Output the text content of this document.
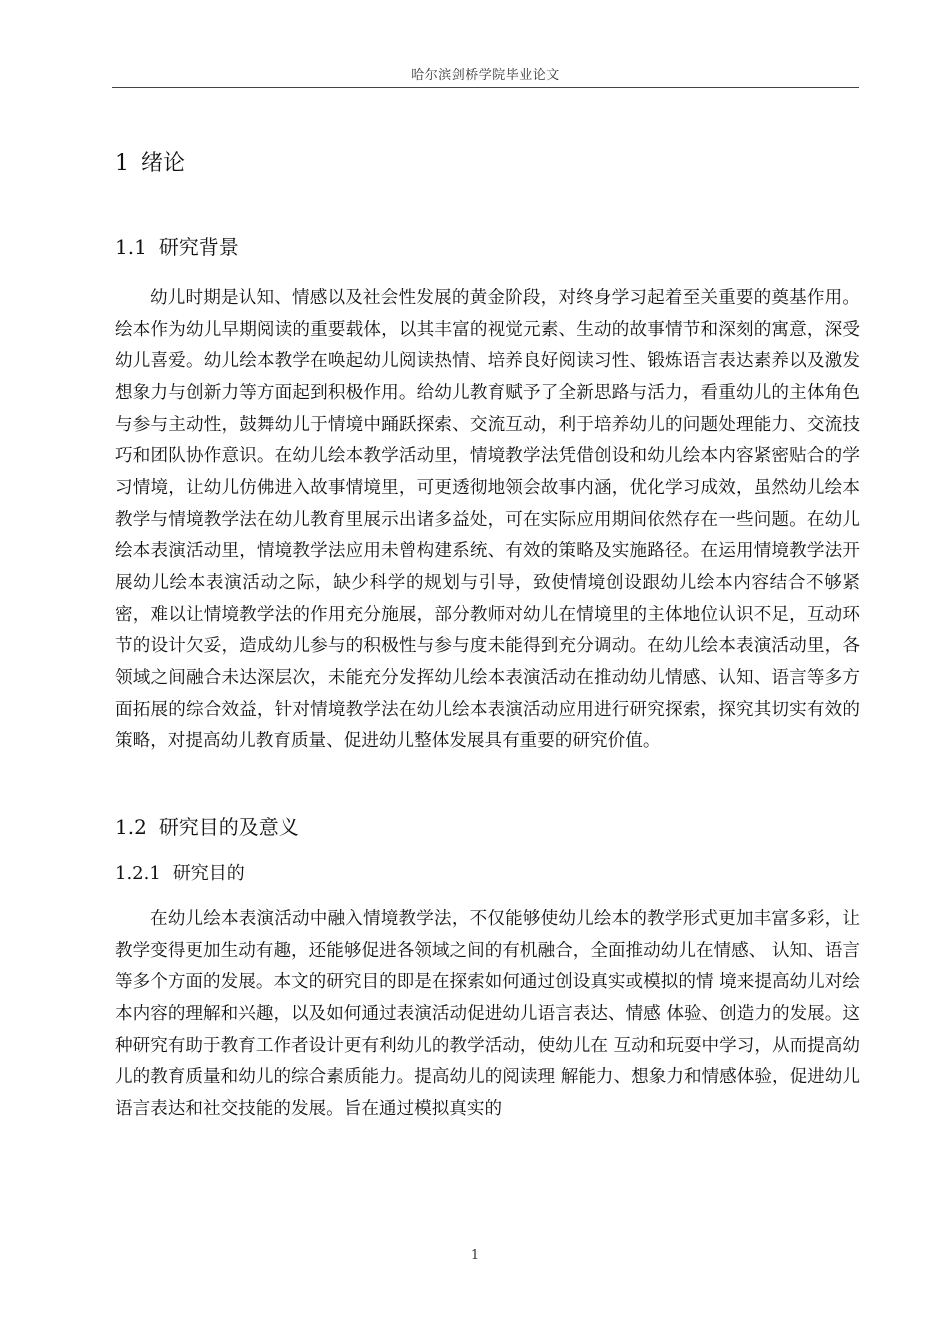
哈尔滨剑桥学院毕业论文
1 绪论
1.1 研究背景

幼儿时期是认知、情感以及社会性发展的黄金阶段，对终身学习起着至关重要的奠基作用。绘本作为幼儿早期阅读的重要载体，以其丰富的视觉元素、生动的故事情节和深刻的寓意，深受幼儿喜爱。幼儿绘本教学在唤起幼儿阅读热情、培养良好阅读习性、锻炼语言表达素养以及激发想象力与创新力等方面起到积极作用。给幼儿教育赋予了全新思路与活力，看重幼儿的主体角色与参与主动性，鼓舞幼儿于情境中踊跃探索、交流互动，利于培养幼儿的问题处理能力、交流技巧和团队协作意识。在幼儿绘本教学活动里，情境教学法凭借创设和幼儿绘本内容紧密贴合的学习情境，让幼儿仿佛进入故事情境里，可更透彻地领会故事内涵，优化学习成效，虽然幼儿绘本教学与情境教学法在幼儿教育里展示出诸多益处，可在实际应用期间依然存在一些问题。在幼儿绘本表演活动里，情境教学法应用未曾构建系统、有效的策略及实施路径。在运用情境教学法开展幼儿绘本表演活动之际，缺少科学的规划与引导，致使情境创设跟幼儿绘本内容结合不够紧密，难以让情境教学法的作用充分施展，部分教师对幼儿在情境里的主体地位认识不足，互动环节的设计欠妥，造成幼儿参与的积极性与参与度未能得到充分调动。在幼儿绘本表演活动里，各领域之间融合未达深层次，未能充分发挥幼儿绘本表演活动在推动幼儿情感、认知、语言等多方面拓展的综合效益，针对情境教学法在幼儿绘本表演活动应用进行研究探索，探究其切实有效的策略，对提高幼儿教育质量、促进幼儿整体发展具有重要的研究价值。

1.2 研究目的及意义
1.2.1 研究目的

在幼儿绘本表演活动中融入情境教学法，不仅能够使幼儿绘本的教学形式更加丰富多彩，让教学变得更加生动有趣，还能够促进各领域之间的有机融合，全面推动幼儿在情感、 认知、语言等多个方面的发展。本文的研究目的即是在探索如何通过创设真实或模拟的情 境来提高幼儿对绘本内容的理解和兴趣，以及如何通过表演活动促进幼儿语言表达、情感 体验、创造力的发展。这种研究有助于教育工作者设计更有利幼儿的教学活动，使幼儿在 互动和玩耍中学习，从而提高幼儿的教育质量和幼儿的综合素质能力。提高幼儿的阅读理 解能力、想象力和情感体验，促进幼儿语言表达和社交技能的发展。旨在通过模拟真实的

1
